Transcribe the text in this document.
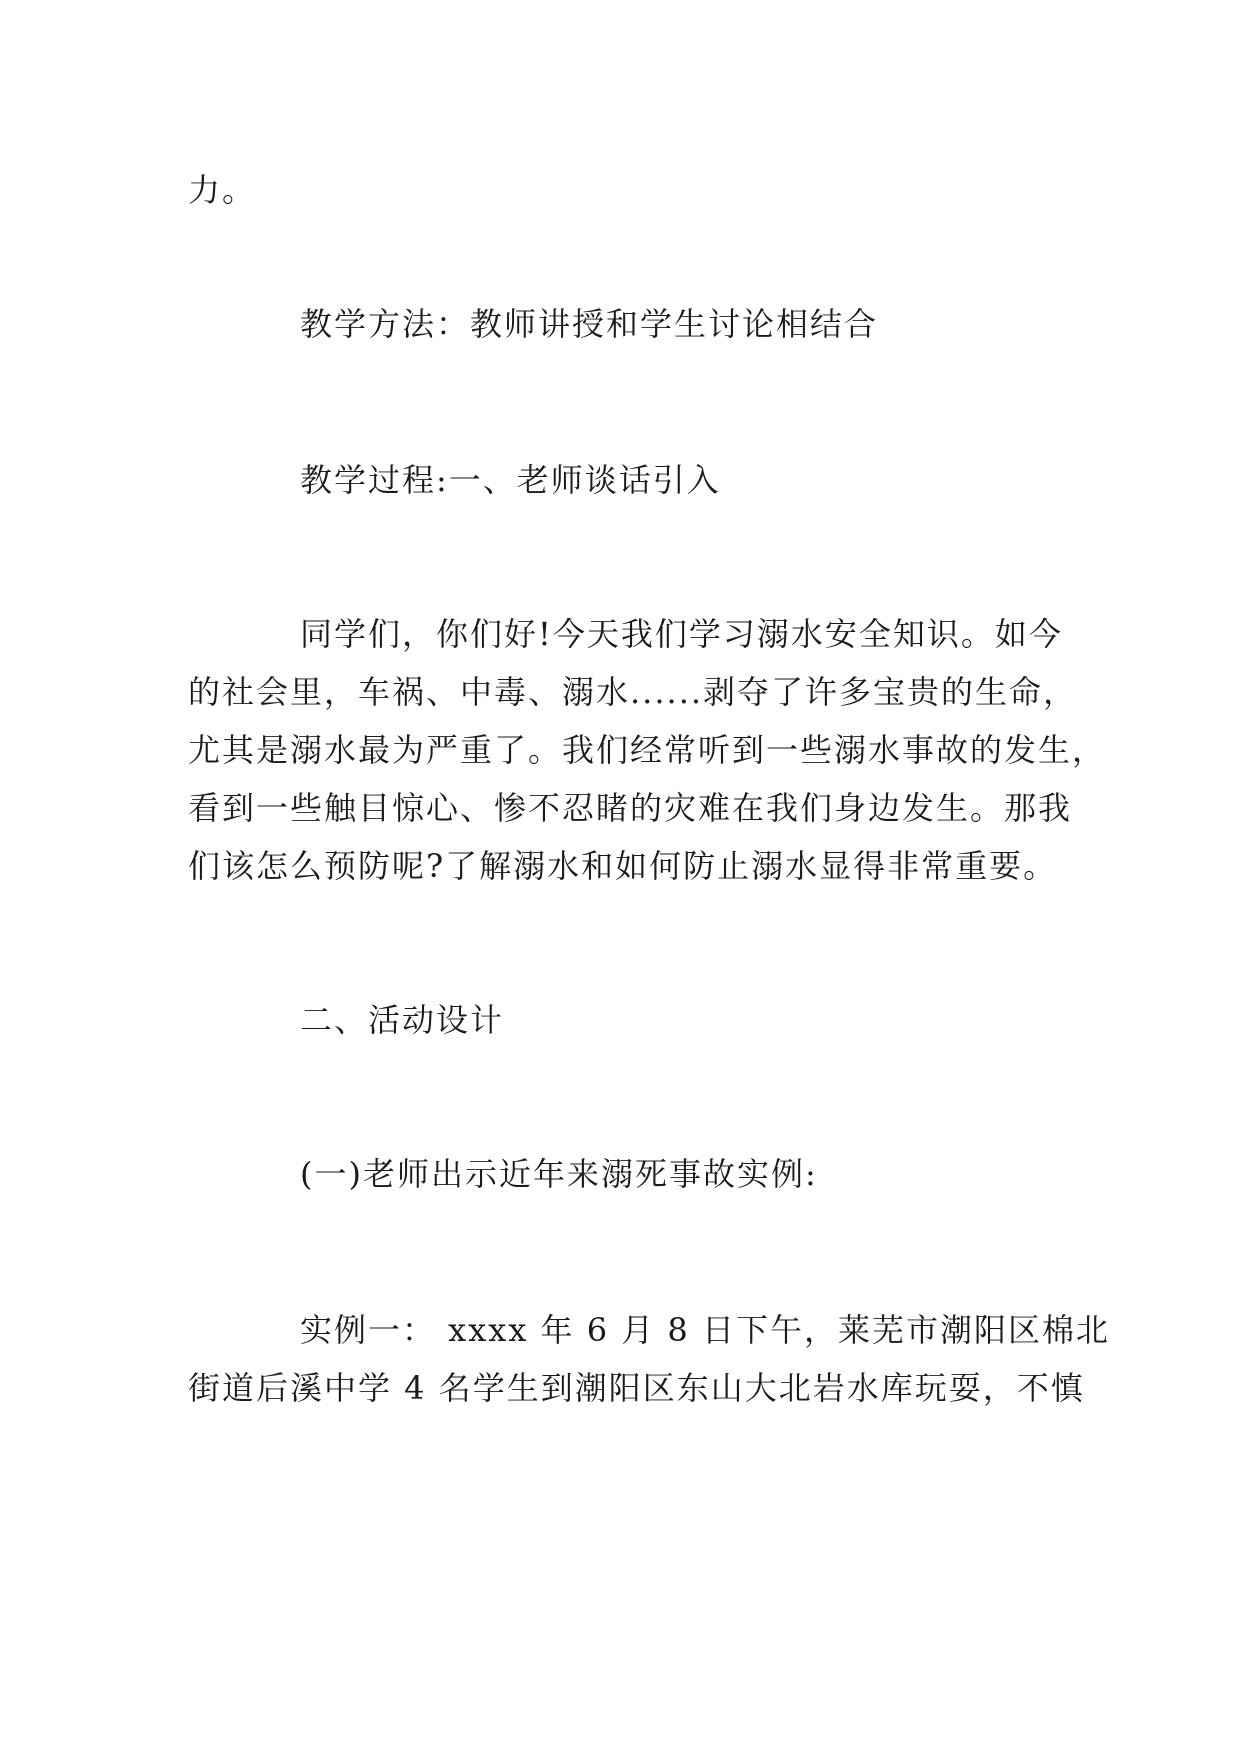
力。
教学方法：教师讲授和学生讨论相结合
教学过程:一、老师谈话引入
同学们，你们好!今天我们学习溺水安全知识。如今
的社会里，车祸、中毒、溺水......剥夺了许多宝贵的生命，
尤其是溺水最为严重了。我们经常听到一些溺水事故的发生，
看到一些触目惊心、惨不忍睹的灾难在我们身边发生。那我
们该怎么预防呢?了解溺水和如何防止溺水显得非常重要。
二、活动设计
(一)老师出示近年来溺死事故实例:
实例一： xxxx 年 6 月 8 日下午，莱芜市潮阳区棉北
街道后溪中学 4 名学生到潮阳区东山大北岩水库玩耍，不慎
